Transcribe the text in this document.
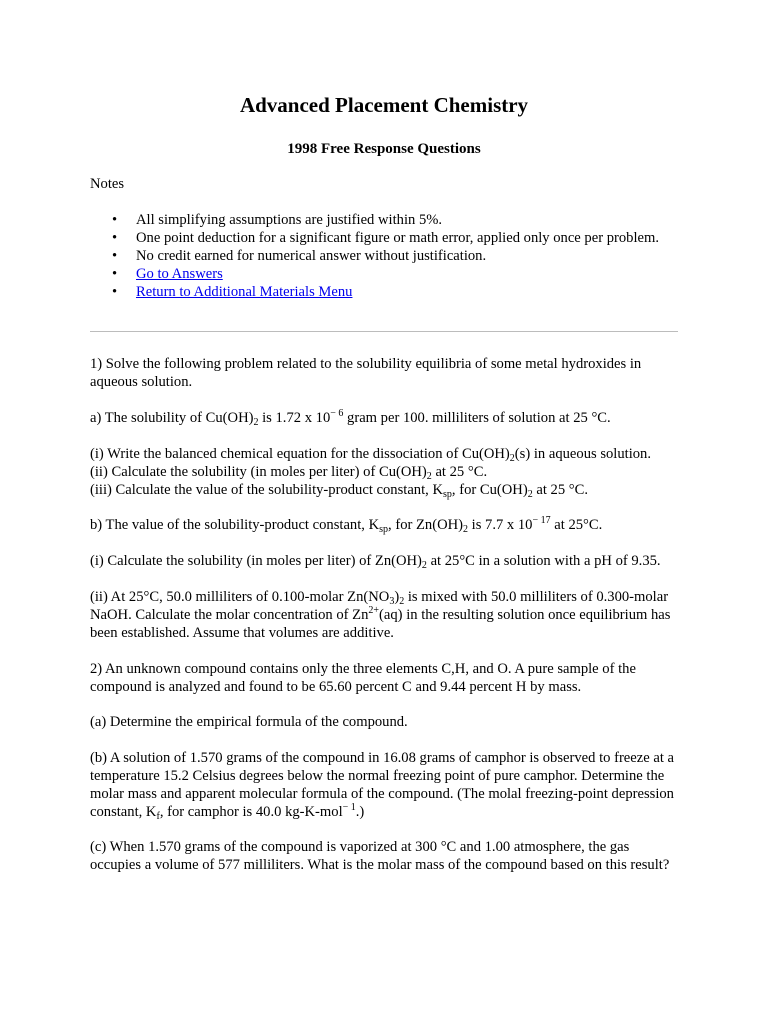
Advanced Placement Chemistry
1998 Free Response Questions

Notes

• All simplifying assumptions are justified within 5%.
• One point deduction for a significant figure or math error, applied only once per problem.
• No credit earned for numerical answer without justification.
• Go to Answers
• Return to Additional Materials Menu

1) Solve the following problem related to the solubility equilibria of some metal hydroxides in aqueous solution.

a) The solubility of $Cu(OH)_2$ is 1.72 x $10^{- 6}$ gram per 100. milliliters of solution at 25 °C.

(i) Write the balanced chemical equation for the dissociation of $Cu(OH)_2(s)$ in aqueous solution.

(ii) Calculate the solubility (in moles per liter) of $Cu(OH)_2$ at 25 °C.

(iii) Calculate the value of the solubility-product constant, $K_{sp}$, for $Cu(OH)_2$ at 25 °C.

b) The value of the solubility-product constant, $K_{sp}$, for $Zn(OH)_2$ is 7.7 x $10^{- 17}$ at 25°C.

(i) Calculate the solubility (in moles per liter) of $Zn(OH)_2$ at 25°C in a solution with a pH of 9.35.

(ii) At 25°C, 50.0 milliliters of 0.100-molar $Zn(NO_3)_2$ is mixed with 50.0 milliliters of 0.300-molar NaOH. Calculate the molar concentration of $Zn^{2+}(aq)$ in the resulting solution once equilibrium has been established. Assume that volumes are additive.

2) An unknown compound contains only the three elements C,H, and O. A pure sample of the compound is analyzed and found to be 65.60 percent C and 9.44 percent H by mass.

(a) Determine the empirical formula of the compound.

(b) A solution of 1.570 grams of the compound in 16.08 grams of camphor is observed to freeze at a temperature 15.2 Celsius degrees below the normal freezing point of pure camphor. Determine the molar mass and apparent molecular formula of the compound. (The molal freezing-point depression constant, $K_f$, for camphor is 40.0 kg-K-mol$^{- 1}$.)

(c) When 1.570 grams of the compound is vaporized at 300 °C and 1.00 atmosphere, the gas occupies a volume of 577 milliliters. What is the molar mass of the compound based on this result?
